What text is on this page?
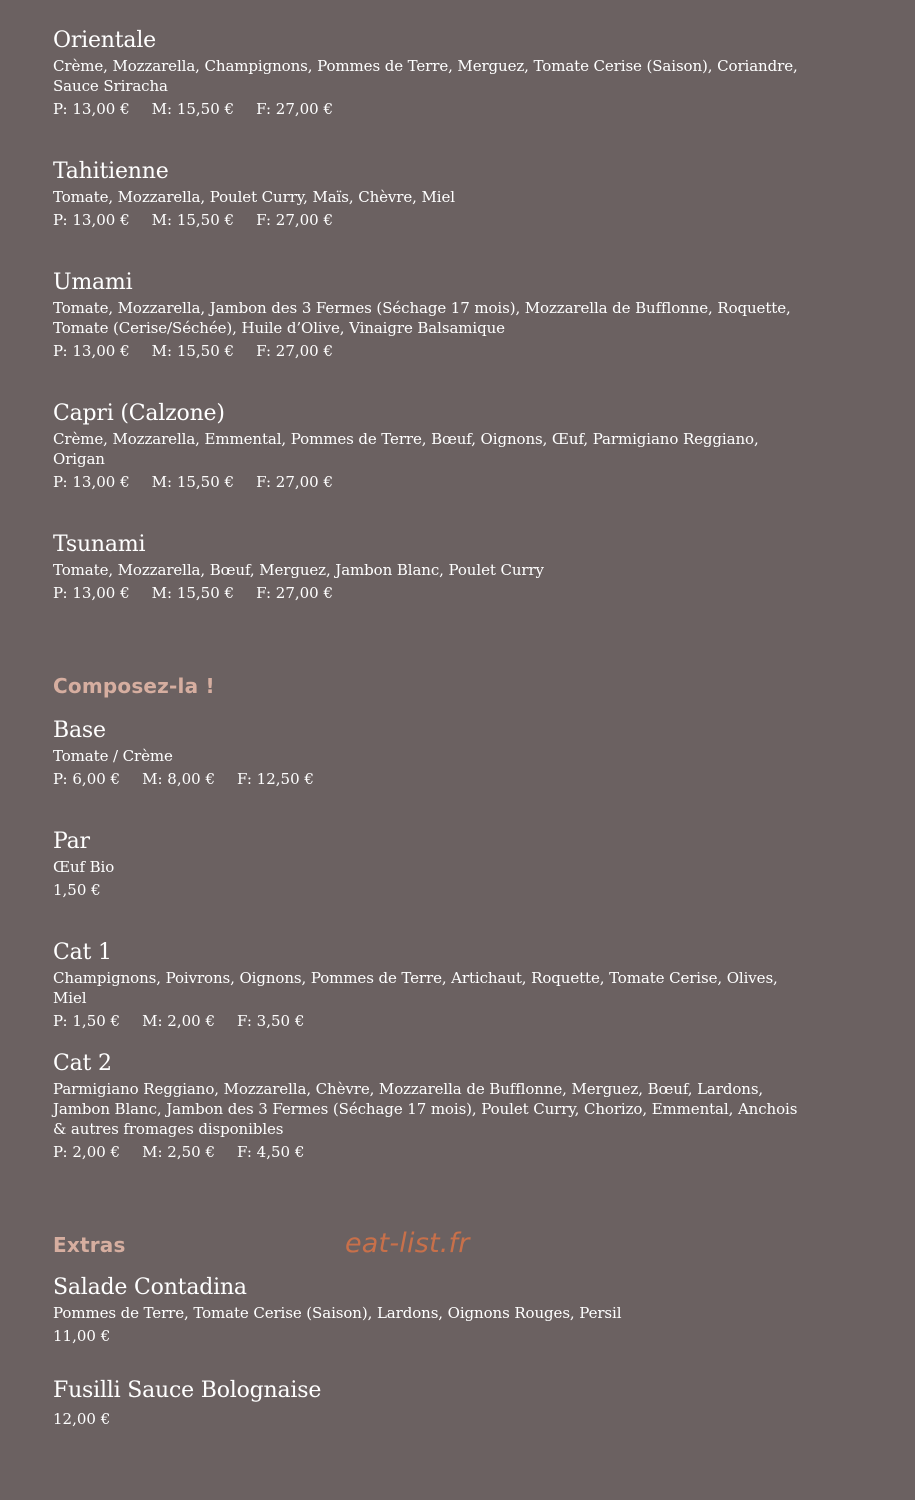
Orientale

Crème, Mozzarella, Champignons, Pommes de Terre, Merguez, Tomate Cerise (Saison), Coriandre, Sauce Sriracha

P: 13,00 € M: 15,50 € F: 27,00 €
Tahitienne

Tomate, Mozzarella, Poulet Curry, Maïs, Chèvre, Miel

P: 13,00 € M: 15,50 € F: 27,00 €
Umami

Tomate, Mozzarella, Jambon des 3 Fermes (Séchage 17 mois), Mozzarella de Bufflonne, Roquette, Tomate (Cerise/Séchée), Huile d’Olive, Vinaigre Balsamique

P: 13,00 € M: 15,50 € F: 27,00 €
Capri (Calzone)

Crème, Mozzarella, Emmental, Pommes de Terre, Bœuf, Oignons, Œuf, Parmigiano Reggiano, Origan

P: 13,00 € M: 15,50 € F: 27,00 €
Tsunami

Tomate, Mozzarella, Bœuf, Merguez, Jambon Blanc, Poulet Curry

P: 13,00 € M: 15,50 € F: 27,00 €
Composez-la !
Base

Tomate / Crème

P: 6,00 € M: 8,00 € F: 12,50 €
Par

Œuf Bio

1,50 €
Cat 1

Champignons, Poivrons, Oignons, Pommes de Terre, Artichaut, Roquette, Tomate Cerise, Olives, Miel

P: 1,50 € M: 2,00 € F: 3,50 €
Cat 2

Parmigiano Reggiano, Mozzarella, Chèvre, Mozzarella de Bufflonne, Merguez, Bœuf, Lardons, Jambon Blanc, Jambon des 3 Fermes (Séchage 17 mois), Poulet Curry, Chorizo, Emmental, Anchois & autres fromages disponibles

P: 2,00 € M: 2,50 € F: 4,50 €
Extras
Salade Contadina

Pommes de Terre, Tomate Cerise (Saison), Lardons, Oignons Rouges, Persil

11,00 €
Fusilli Sauce Bolognaise
12,00 €
eat-list.fr
